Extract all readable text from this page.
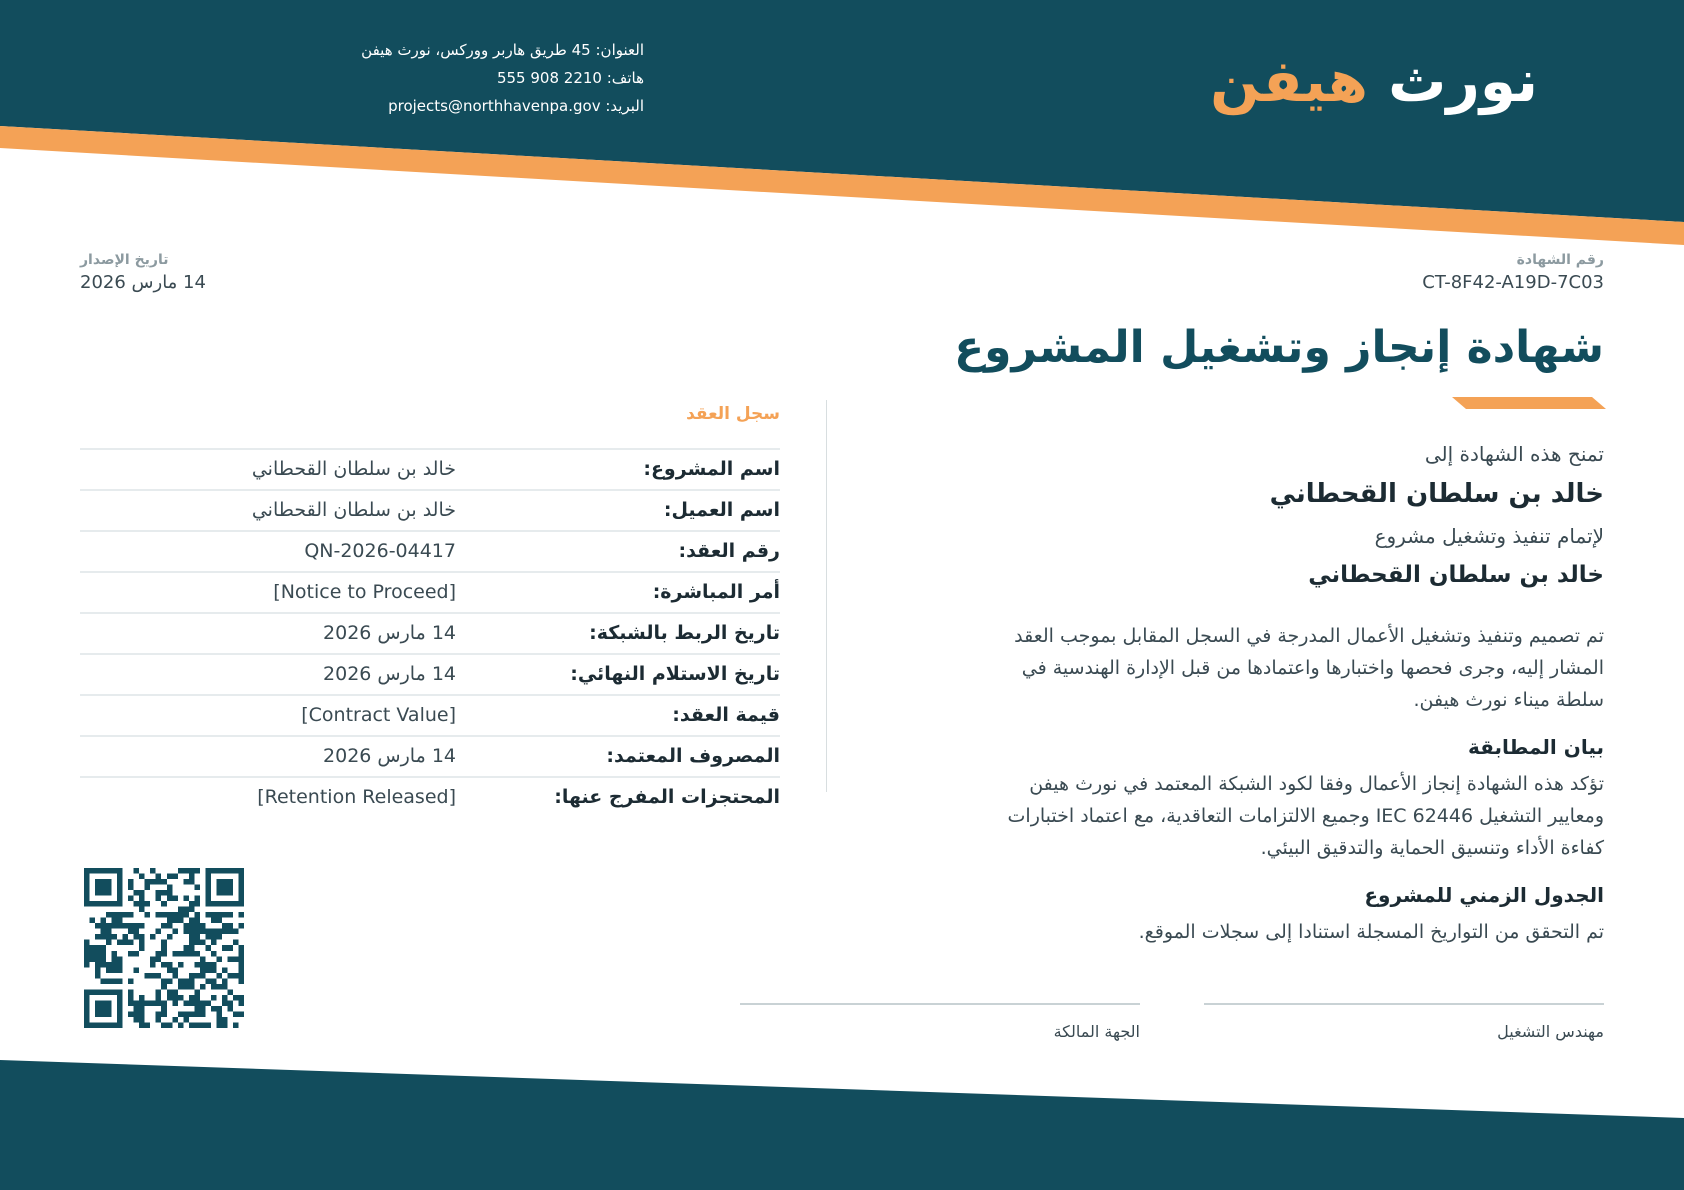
نورث هيفن
العنوان: 45 طريق هاربر ووركس، نورث هيفن
هاتف: 2210 908 555
البريد: projects@northhavenpa.gov
رقم الشهادة
CT-8F42-A19D-7C03
تاريخ الإصدار
14 مارس 2026
شهادة إنجاز وتشغيل المشروع
تمنح هذه الشهادة إلى
خالد بن سلطان القحطاني
لإتمام تنفيذ وتشغيل مشروع
خالد بن سلطان القحطاني
تم تصميم وتنفيذ وتشغيل الأعمال المدرجة في السجل المقابل بموجب العقد المشار إليه، وجرى فحصها واختبارها واعتمادها من قبل الإدارة الهندسية في سلطة ميناء نورث هيفن.
بيان المطابقة
تؤكد هذه الشهادة إنجاز الأعمال وفقا لكود الشبكة المعتمد في نورث هيفن ومعايير التشغيل IEC 62446 وجميع الالتزامات التعاقدية، مع اعتماد اختبارات كفاءة الأداء وتنسيق الحماية والتدقيق البيئي.
الجدول الزمني للمشروع
تم التحقق من التواريخ المسجلة استنادا إلى سجلات الموقع.
سجل العقد
اسم المشروع:
خالد بن سلطان القحطاني
اسم العميل:
خالد بن سلطان القحطاني
رقم العقد:
QN-2026-04417
أمر المباشرة:
[Notice to Proceed]
تاريخ الربط بالشبكة:
14 مارس 2026
تاريخ الاستلام النهائي:
14 مارس 2026
قيمة العقد:
[Contract Value]
المصروف المعتمد:
14 مارس 2026
المحتجزات المفرج عنها:
[Retention Released]
مهندس التشغيل
الجهة المالكة
